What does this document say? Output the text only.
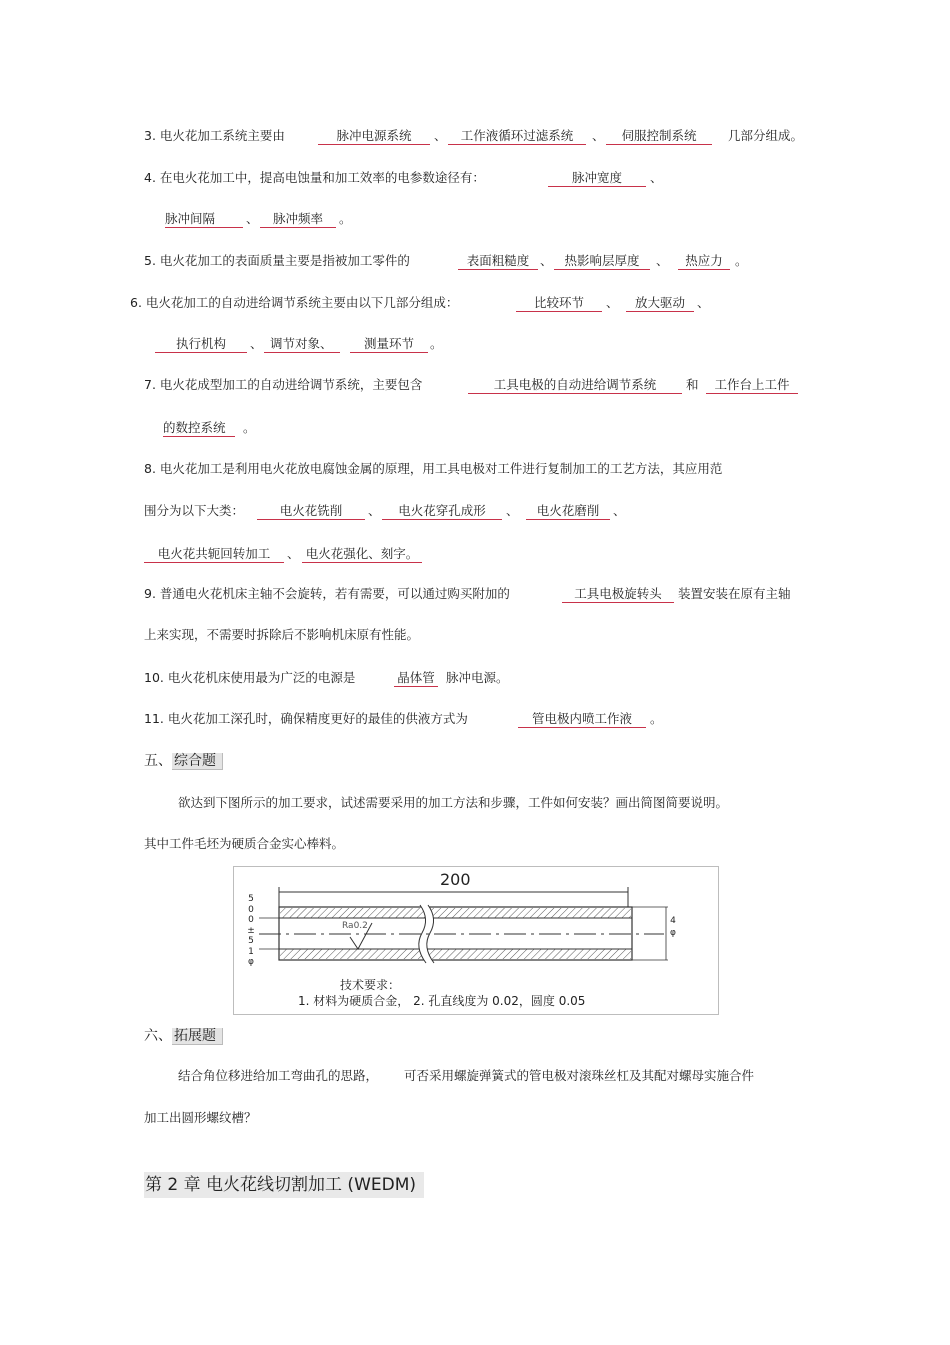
3. 电火花加工系统主要由	脉冲电源系统	、	工作液循环过滤系统	、	伺服控制系统	几部分组成。
4. 在电火花加工中，提高电蚀量和加工效率的电参数途径有：	脉冲宽度	、
脉冲间隔	、	脉冲频率	。
5. 电火花加工的表面质量主要是指被加工零件的	表面粗糙度 、 热影响层厚度	、	热应力 。
6. 电火花加工的自动进给调节系统主要由以下几部分组成：	比较环节	、	放大驱动 、
执行机构	、 调节对象、	测量环节	。
7. 电火花成型加工的自动进给调节系统，主要包含	工具电极的自动进给调节系统	和	工作台上工件
的数控系统	。
8. 电火花加工是利用电火花放电腐蚀金属的原理，用工具电极对工件进行复制加工的工艺方法，其应用范
围分为以下大类：	电火花铣削	、	电火花穿孔成形	、	电火花磨削	、
电火花共轭回转加工	、 电火花强化、刻字。
9. 普通电火花机床主轴不会旋转，若有需要，可以通过购买附加的	工具电极旋转头	装置安装在原有主轴
上来实现，不需要时拆除后不影响机床原有性能。
10. 电火花机床使用最为广泛的电源是	晶体管 脉冲电源。
11. 电火花加工深孔时，确保精度更好的最佳的供液方式为	管电极内喷工作液	。
五、 综合题
欲达到下图所示的加工要求，试述需要采用的加工方法和步骤，工件如何安装？画出简图简要说明。
其中工件毛坯为硬质合金实心棒料。
200
5
0
0
±
5
1
φ
4
φ
Ra0.2
技术要求：
1. 材料为硬质合金， 2. 孔直线度为 0.02，圆度 0.05
六、 拓展题
结合角位移进给加工弯曲孔的思路， 可否采用螺旋弹簧式的管电极对滚珠丝杠及其配对螺母实施合件
加工出圆形螺纹槽？
第 2 章 电火花线切割加工 (WEDM)
